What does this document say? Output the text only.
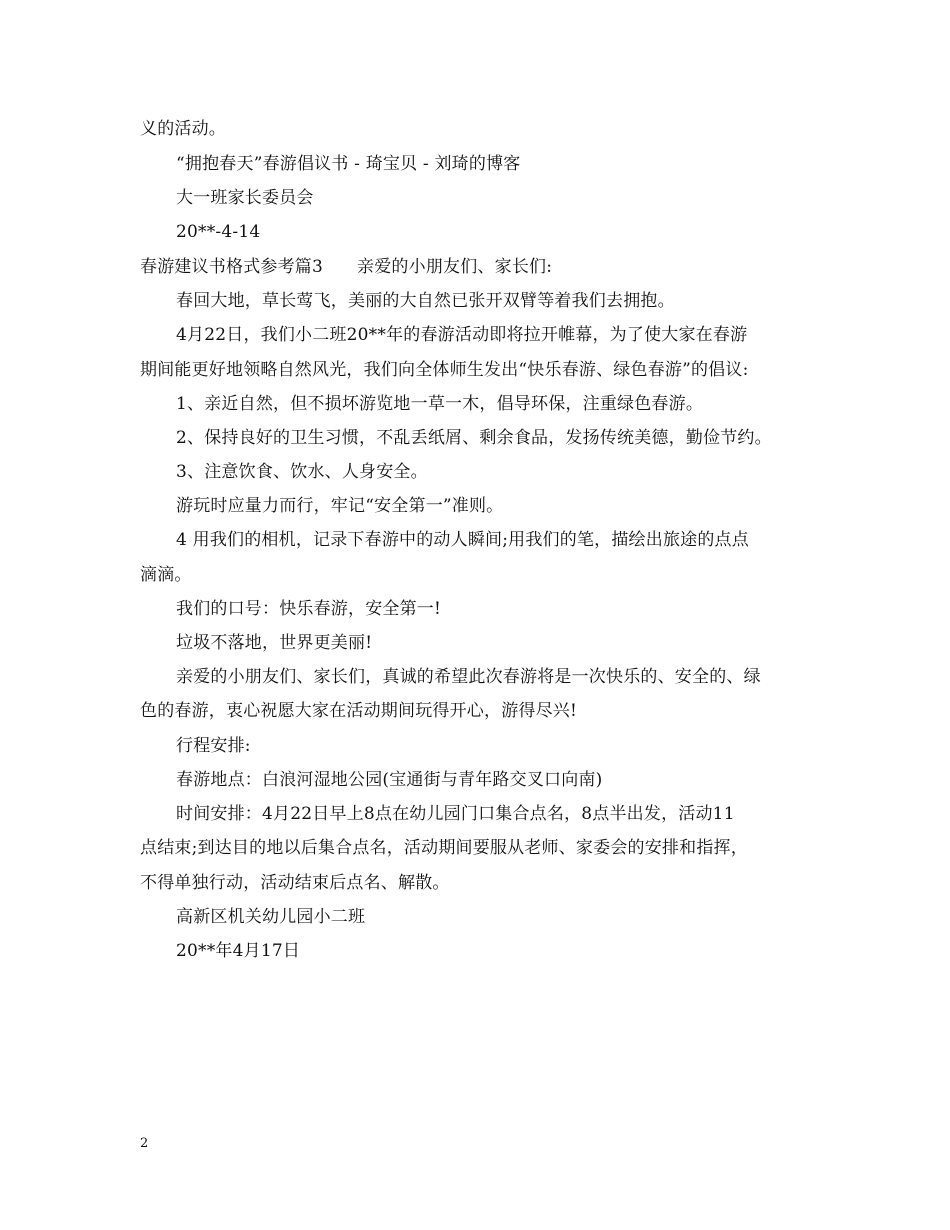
义的活动。
“拥抱春天”春游倡议书 - 琦宝贝 - 刘琦的博客
大一班家长委员会
20**-4-14
春游建议书格式参考篇3 亲爱的小朋友们、家长们:
春回大地，草长莺飞，美丽的大自然已张开双臂等着我们去拥抱。
4月22日，我们小二班20**年的春游活动即将拉开帷幕，为了使大家在春游
期间能更好地领略自然风光，我们向全体师生发出“快乐春游、绿色春游”的倡议:
1、亲近自然，但不损坏游览地一草一木，倡导环保，注重绿色春游。
2、保持良好的卫生习惯，不乱丢纸屑、剩余食品，发扬传统美德，勤俭节约。
3、注意饮食、饮水、人身安全。
游玩时应量力而行，牢记“安全第一”准则。
4 用我们的相机，记录下春游中的动人瞬间;用我们的笔，描绘出旅途的点点
滴滴。
我们的口号：快乐春游，安全第一!
垃圾不落地，世界更美丽!
亲爱的小朋友们、家长们，真诚的希望此次春游将是一次快乐的、安全的、绿
色的春游，衷心祝愿大家在活动期间玩得开心，游得尽兴!
行程安排:
春游地点：白浪河湿地公园(宝通街与青年路交叉口向南)
时间安排：4月22日早上8点在幼儿园门口集合点名，8点半出发，活动11
点结束;到达目的地以后集合点名，活动期间要服从老师、家委会的安排和指挥，
不得单独行动，活动结束后点名、解散。
高新区机关幼儿园小二班
20**年4月17日
2
